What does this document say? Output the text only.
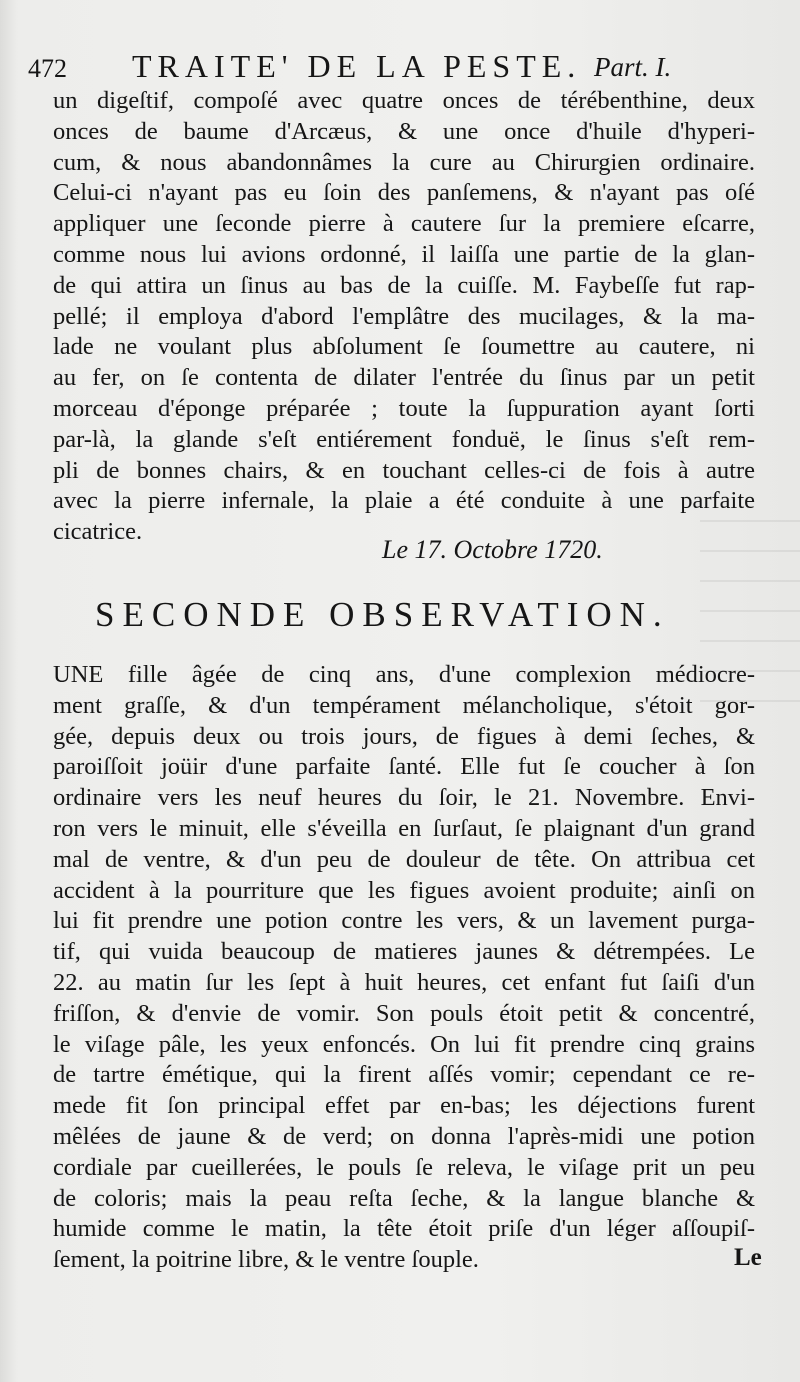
472 TRAITE' DE LA PESTE. Part. I.
un digeſtif, compoſé avec quatre onces de térébenthine, deux
onces de baume d'Arcæus, & une once d'huile d'hyperi-
cum, & nous abandonnâmes la cure au Chirurgien ordinaire.
Celui-ci n'ayant pas eu ſoin des panſemens, & n'ayant pas oſé
appliquer une ſeconde pierre à cautere ſur la premiere eſcarre,
comme nous lui avions ordonné, il laiſſa une partie de la glan-
de qui attira un ſinus au bas de la cuiſſe. M. Faybeſſe fut rap-
pellé; il employa d'abord l'emplâtre des mucilages, & la ma-
lade ne voulant plus abſolument ſe ſoumettre au cautere, ni
au fer, on ſe contenta de dilater l'entrée du ſinus par un petit
morceau d'éponge préparée ; toute la ſuppuration ayant ſorti
par-là, la glande s'eſt entiérement fonduë, le ſinus s'eſt rem-
pli de bonnes chairs, & en touchant celles-ci de fois à autre
avec la pierre infernale, la plaie a été conduite à une parfaite
cicatrice.
Le 17. Octobre 1720.
SECONDE OBSERVATION.
UNE fille âgée de cinq ans, d'une complexion médiocre-
ment graſſe, & d'un tempérament mélancholique, s'étoit gor-
gée, depuis deux ou trois jours, de figues à demi ſeches, &
paroiſſoit joüir d'une parfaite ſanté. Elle fut ſe coucher à ſon
ordinaire vers les neuf heures du ſoir, le 21. Novembre. Envi-
ron vers le minuit, elle s'éveilla en ſurſaut, ſe plaignant d'un grand
mal de ventre, & d'un peu de douleur de tête. On attribua cet
accident à la pourriture que les figues avoient produite; ainſi on
lui fit prendre une potion contre les vers, & un lavement purga-
tif, qui vuida beaucoup de matieres jaunes & détrempées. Le
22. au matin ſur les ſept à huit heures, cet enfant fut ſaiſi d'un
friſſon, & d'envie de vomir. Son pouls étoit petit & concentré,
le viſage pâle, les yeux enfoncés. On lui fit prendre cinq grains
de tartre émétique, qui la firent aſſés vomir; cependant ce re-
mede fit ſon principal effet par en-bas; les déjections furent
mêlées de jaune & de verd; on donna l'après-midi une potion
cordiale par cueillerées, le pouls ſe releva, le viſage prit un peu
de coloris; mais la peau reſta ſeche, & la langue blanche &
humide comme le matin, la tête étoit priſe d'un léger aſſoupiſ-
ſement, la poitrine libre, & le ventre ſouple.	Le
